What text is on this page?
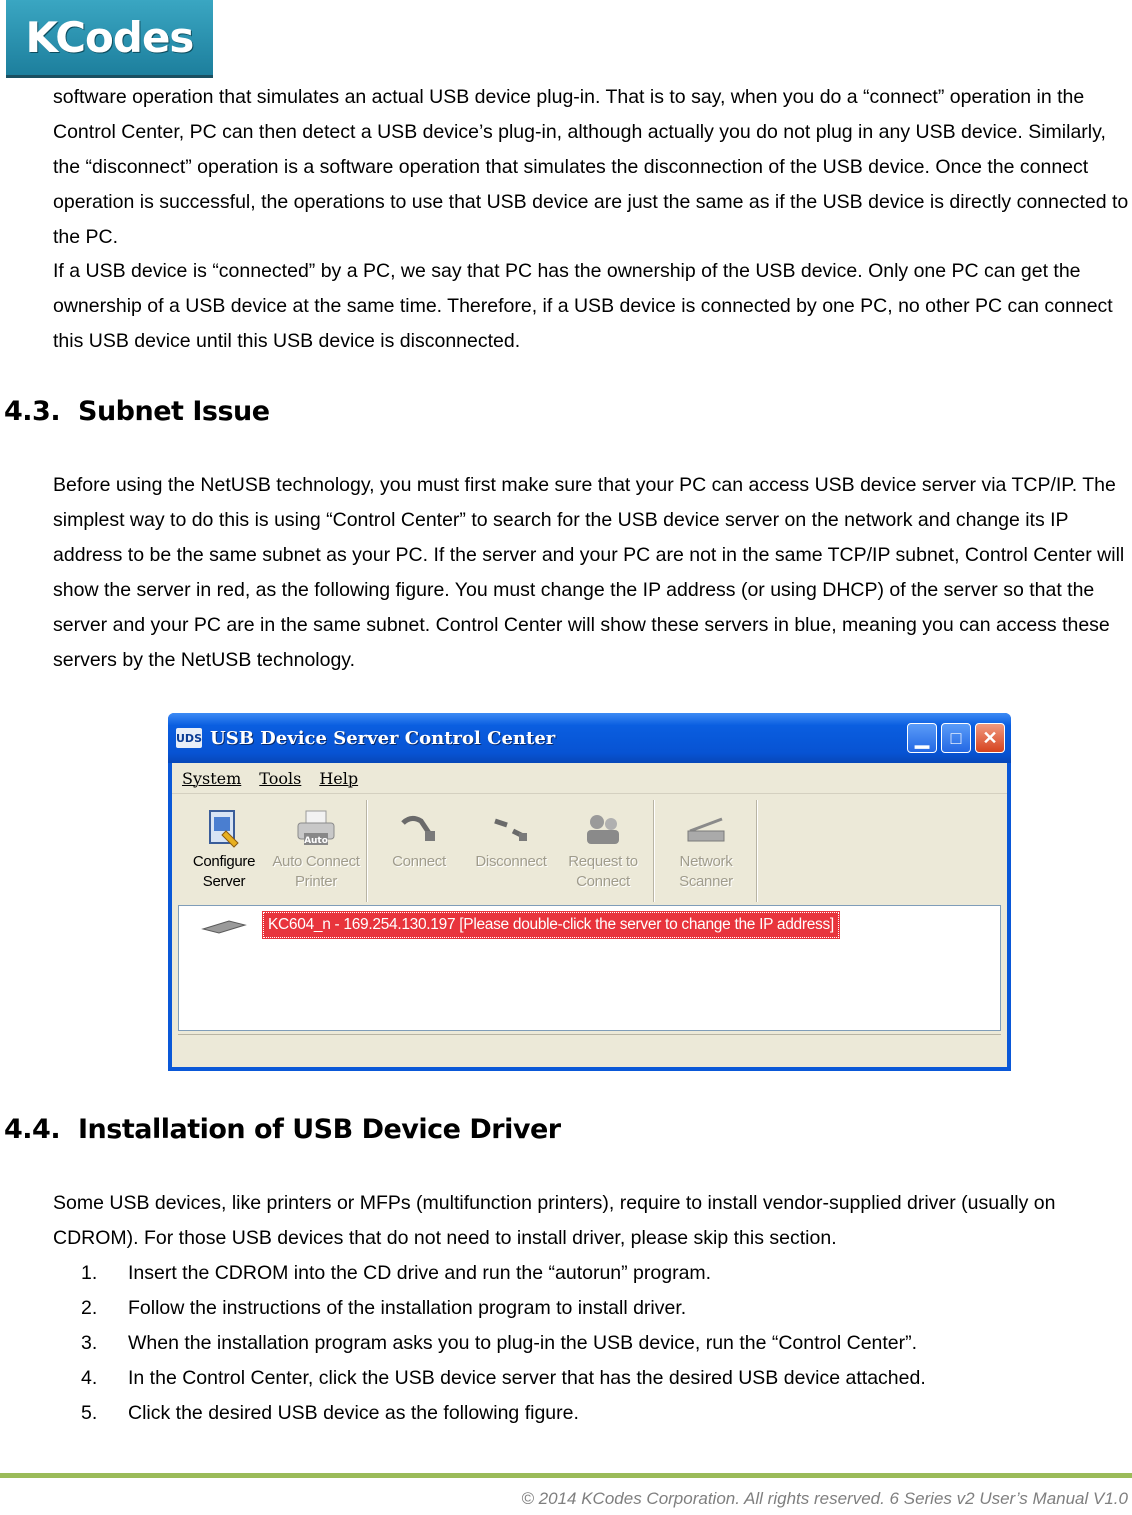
KCodes

software operation that simulates an actual USB device plug-in. That is to say, when you do a “connect” operation in the Control Center, PC can then detect a USB device’s plug-in, although actually you do not plug in any USB device. Similarly, the “disconnect” operation is a software operation that simulates the disconnection of the USB device. Once the connect operation is successful, the operations to use that USB device are just the same as if the USB device is directly connected to the PC.

If a USB device is “connected” by a PC, we say that PC has the ownership of the USB device. Only one PC can get the ownership of a USB device at the same time. Therefore, if a USB device is connected by one PC, no other PC can connect this USB device until this USB device is disconnected.

4.3. Subnet Issue

Before using the NetUSB technology, you must first make sure that your PC can access USB device server via TCP/IP. The simplest way to do this is using “Control Center” to search for the USB device server on the network and change its IP address to be the same subnet as your PC. If the server and your PC are not in the same TCP/IP subnet, Control Center will show the server in red, as the following figure. You must change the IP address (or using DHCP) of the server so that the server and your PC are in the same subnet. Control Center will show these servers in blue, meaning you can access these servers by the NetUSB technology.

UDS USB Device Server Control Center	▁ □ ✕
System Tools Help
Configure
Server
Auto
Auto Connect
Printer
Connect Disconnect Request to
Connect
Network
Scanner
KC604_n - 169.254.130.197 [Please double-click the server to change the IP address]
4.4. Installation of USB Device Driver

Some USB devices, like printers or MFPs (multifunction printers), require to install vendor-supplied driver (usually on CDROM). For those USB devices that do not need to install driver, please skip this section.

1.	Insert the CDROM into the CD drive and run the “autorun” program.
2.	Follow the instructions of the installation program to install driver.
3.	When the installation program asks you to plug-in the USB device, run the “Control Center”.
4.	In the Control Center, click the USB device server that has the desired USB device attached.
5.	Click the desired USB device as the following figure.
© 2014 KCodes Corporation. All rights reserved. 6 Series v2 User’s Manual V1.0
